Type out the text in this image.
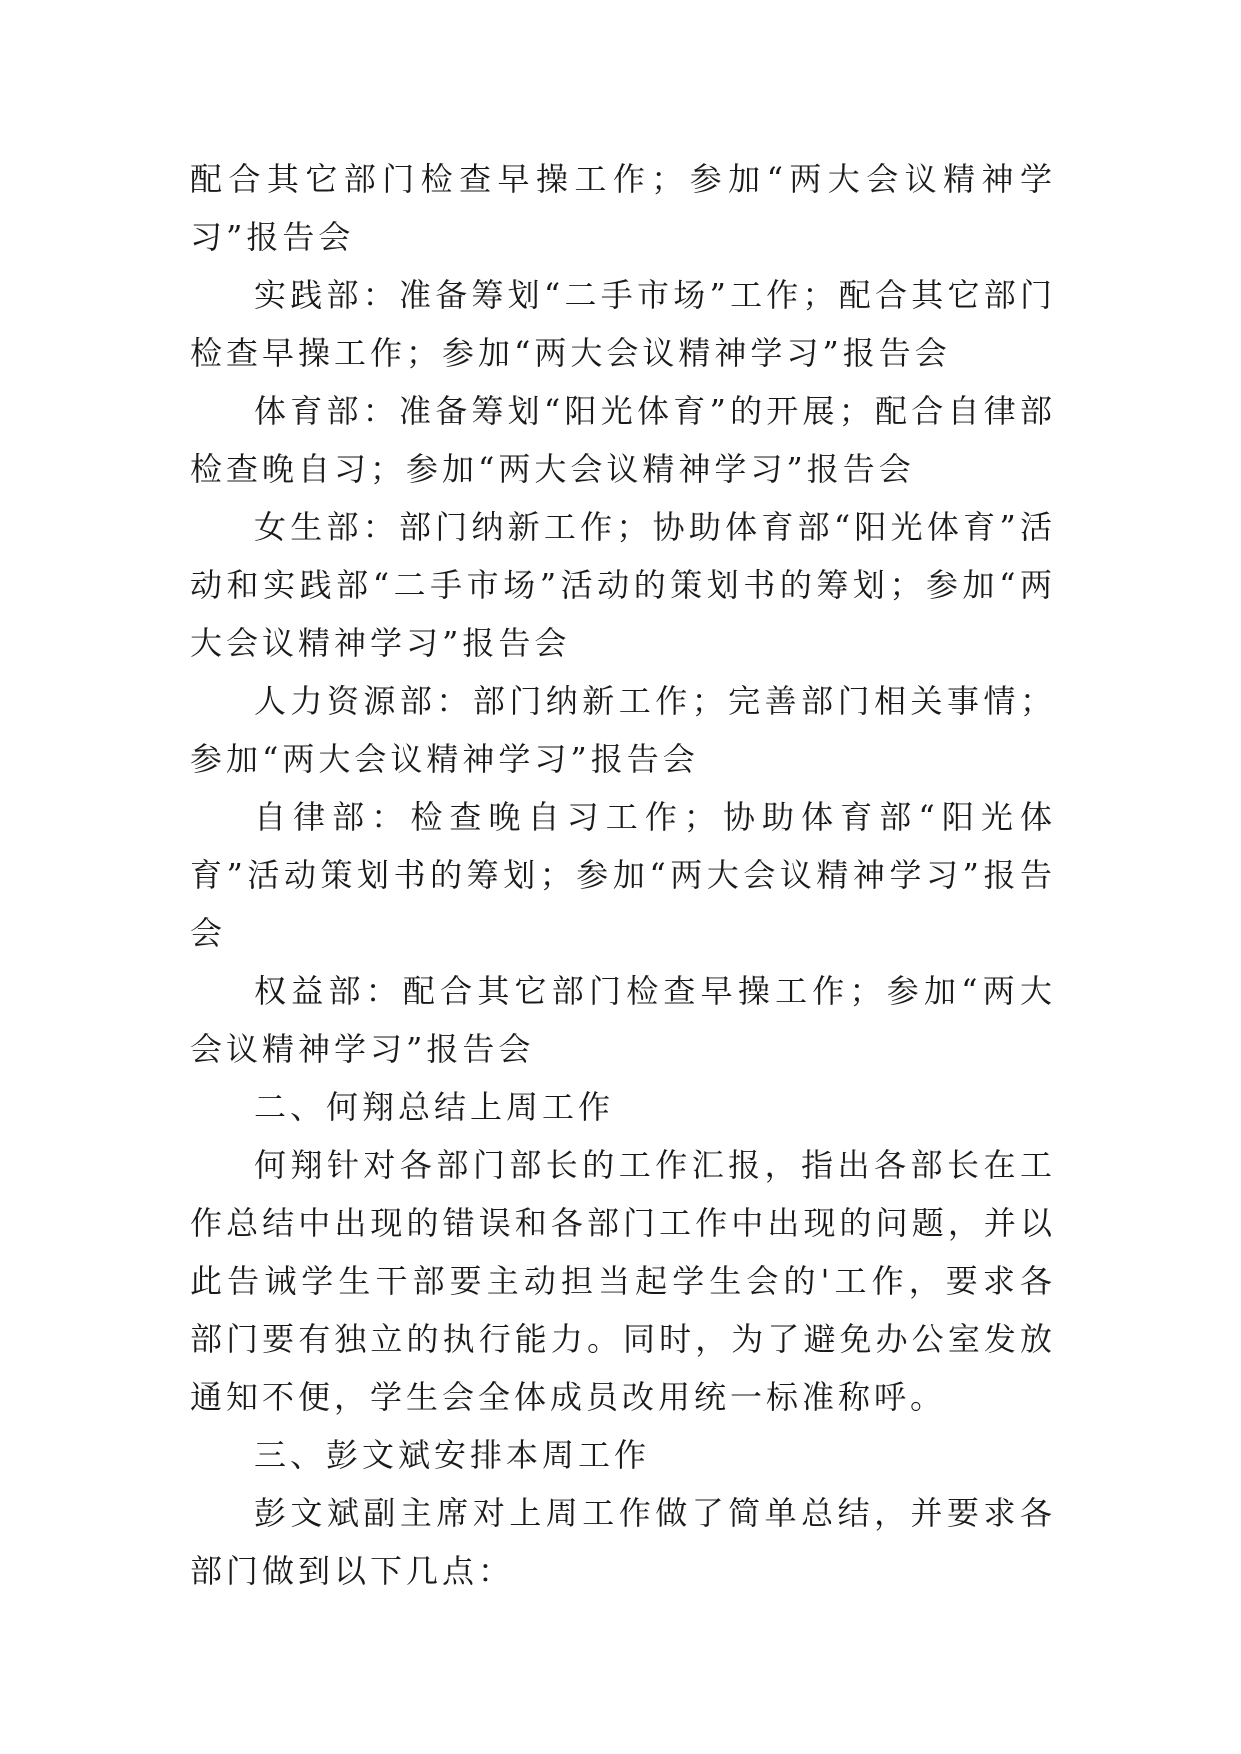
配合其它部门检查早操工作；参加“两大会议精神学习”报告会

实践部：准备筹划“二手市场”工作；配合其它部门检查早操工作；参加“两大会议精神学习”报告会

体育部：准备筹划“阳光体育”的开展；配合自律部检查晚自习；参加“两大会议精神学习”报告会

女生部：部门纳新工作；协助体育部“阳光体育”活动和实践部“二手市场”活动的策划书的筹划；参加“两大会议精神学习”报告会

人力资源部：部门纳新工作；完善部门相关事情；参加“两大会议精神学习”报告会

自律部：检查晚自习工作；协助体育部“阳光体育”活动策划书的筹划；参加“两大会议精神学习”报告会

权益部：配合其它部门检查早操工作；参加“两大会议精神学习”报告会

二、何翔总结上周工作

何翔针对各部门部长的工作汇报，指出各部长在工作总结中出现的错误和各部门工作中出现的问题，并以此告诫学生干部要主动担当起学生会的'工作，要求各部门要有独立的执行能力。同时，为了避免办公室发放通知不便，学生会全体成员改用统一标准称呼。

三、彭文斌安排本周工作

彭文斌副主席对上周工作做了简单总结，并要求各部门做到以下几点：
